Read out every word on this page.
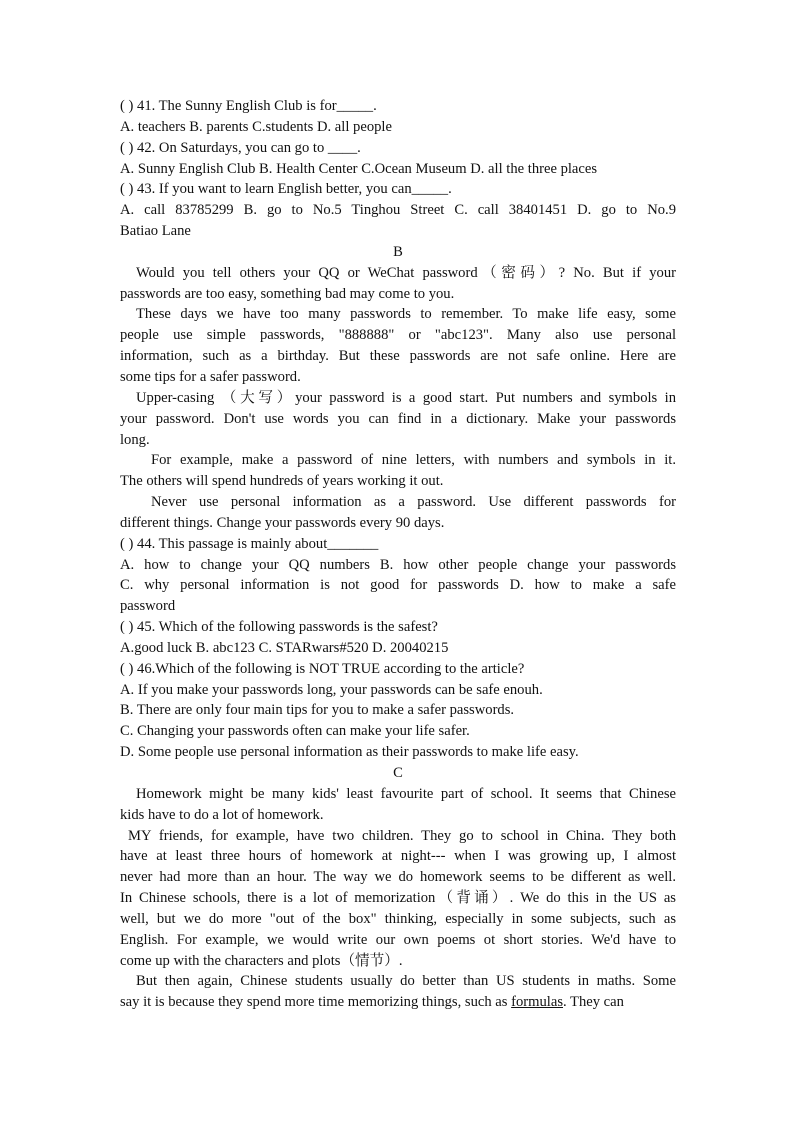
( ) 41. The Sunny English Club is for_____.
A. teachers B. parents C.students D. all people
( ) 42. On Saturdays, you can go to ____.
A. Sunny English Club B. Health Center C.Ocean Museum D. all the three places
( ) 43. If you want to learn English better, you can_____.
A. call 83785299 B. go to No.5 Tinghou Street C. call 38401451 D. go to No.9
Batiao Lane
B
Would you tell others your QQ or WeChat password（密码）? No. But if your
passwords are too easy, something bad may come to you.
These days we have too many passwords to remember. To make life easy, some
people use simple passwords, "888888" or "abc123". Many also use personal
information, such as a birthday. But these passwords are not safe online. Here are
some tips for a safer password.
Upper-casing （大写）your password is a good start. Put numbers and symbols in
your password. Don't use words you can find in a dictionary. Make your passwords
long.
For example, make a password of nine letters, with numbers and symbols in it.
The others will spend hundreds of years working it out.
Never use personal information as a password. Use different passwords for
different things. Change your passwords every 90 days.
( ) 44. This passage is mainly about_______
A. how to change your QQ numbers B. how other people change your passwords
C. why personal information is not good for passwords D. how to make a safe
password
( ) 45. Which of the following passwords is the safest?
A.good luck B. abc123 C. STARwars#520 D. 20040215
( ) 46.Which of the following is NOT TRUE according to the article?
A. If you make your passwords long, your passwords can be safe enouh.
B. There are only four main tips for you to make a safer passwords.
C. Changing your passwords often can make your life safer.
D. Some people use personal information as their passwords to make life easy.
C
Homework might be many kids' least favourite part of school. It seems that Chinese
kids have to do a lot of homework.
MY friends, for example, have two children. They go to school in China. They both
have at least three hours of homework at night--- when I was growing up, I almost
never had more than an hour. The way we do homework seems to be different as well.
In Chinese schools, there is a lot of memorization（背诵）. We do this in the US as
well, but we do more "out of the box" thinking, especially in some subjects, such as
English. For example, we would write our own poems ot short stories. We'd have to
come up with the characters and plots（情节）.
But then again, Chinese students usually do better than US students in maths. Some
say it is because they spend more time memorizing things, such as formulas. They can
